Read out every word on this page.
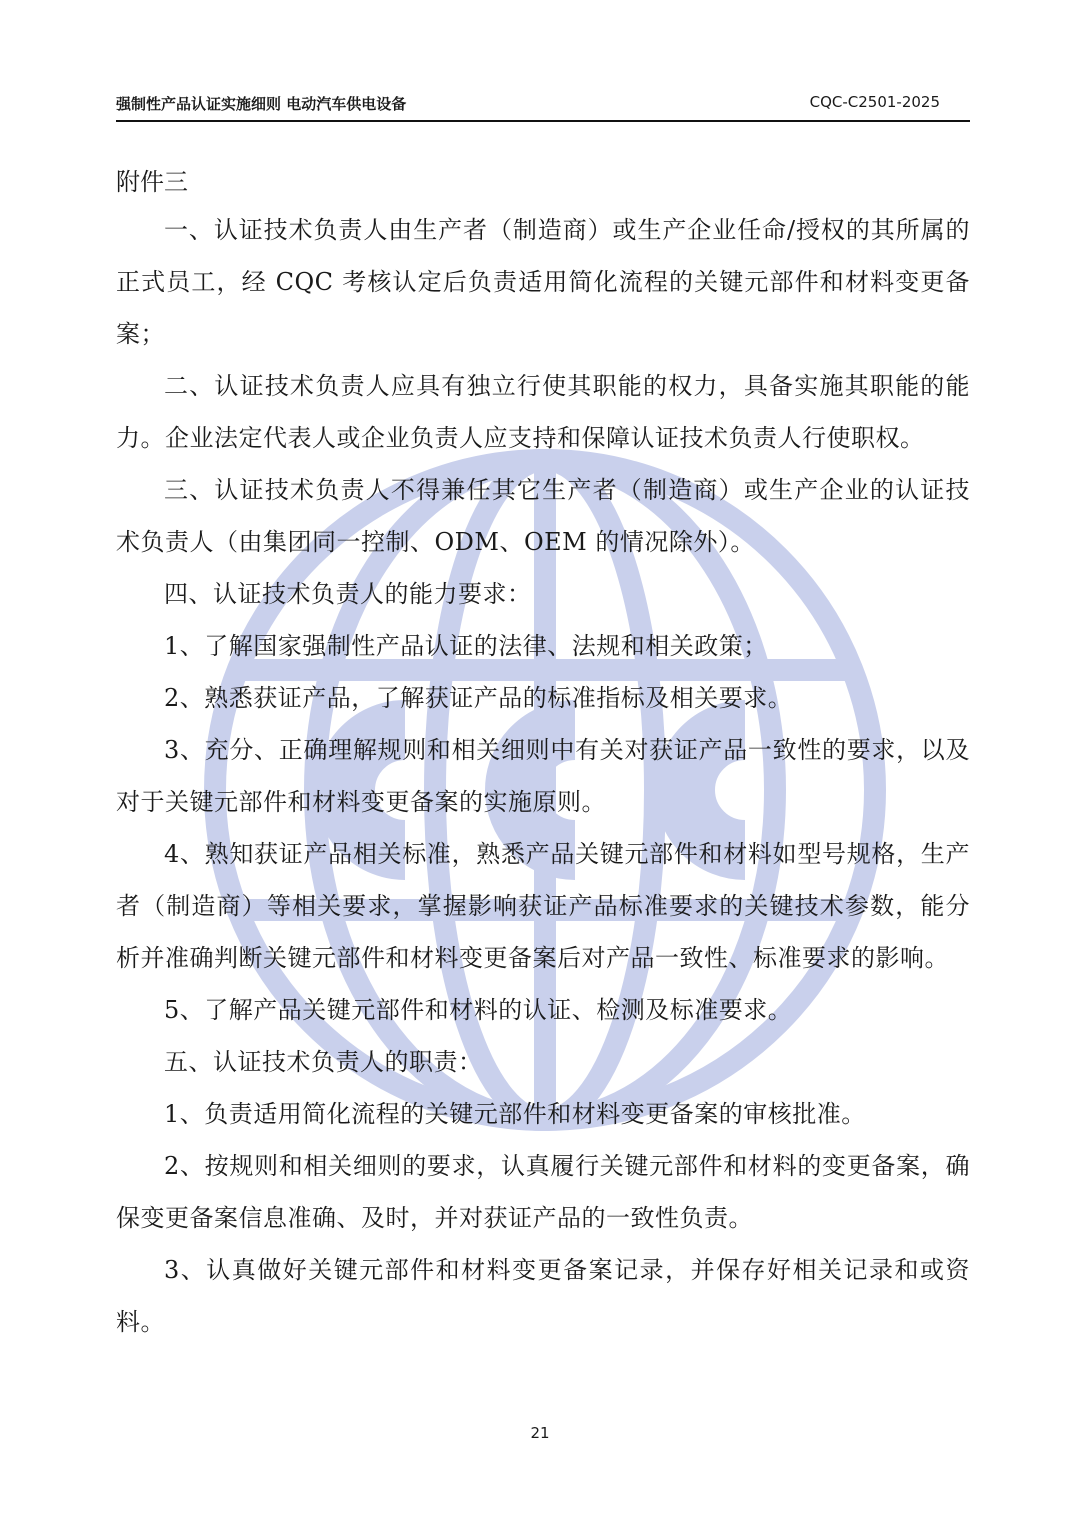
强制性产品认证实施细则 电动汽车供电设备	CQC-C2501-2025

附件三

一、认证技术负责人由生产者（制造商）或生产企业任命/授权的其所属的正式员工，经 CQC 考核认定后负责适用简化流程的关键元部件和材料变更备案；

二、认证技术负责人应具有独立行使其职能的权力，具备实施其职能的能力。企业法定代表人或企业负责人应支持和保障认证技术负责人行使职权。

三、认证技术负责人不得兼任其它生产者（制造商）或生产企业的认证技术负责人（由集团同一控制、ODM、OEM 的情况除外）。

四、认证技术负责人的能力要求：

1、了解国家强制性产品认证的法律、法规和相关政策；

2、熟悉获证产品，了解获证产品的标准指标及相关要求。

3、充分、正确理解规则和相关细则中有关对获证产品一致性的要求，以及对于关键元部件和材料变更备案的实施原则。

4、熟知获证产品相关标准，熟悉产品关键元部件和材料如型号规格，生产者（制造商）等相关要求，掌握影响获证产品标准要求的关键技术参数，能分析并准确判断关键元部件和材料变更备案后对产品一致性、标准要求的影响。

5、了解产品关键元部件和材料的认证、检测及标准要求。

五、认证技术负责人的职责：

1、负责适用简化流程的关键元部件和材料变更备案的审核批准。

2、按规则和相关细则的要求，认真履行关键元部件和材料的变更备案，确保变更备案信息准确、及时，并对获证产品的一致性负责。

3、认真做好关键元部件和材料变更备案记录，并保存好相关记录和或资料。

21
